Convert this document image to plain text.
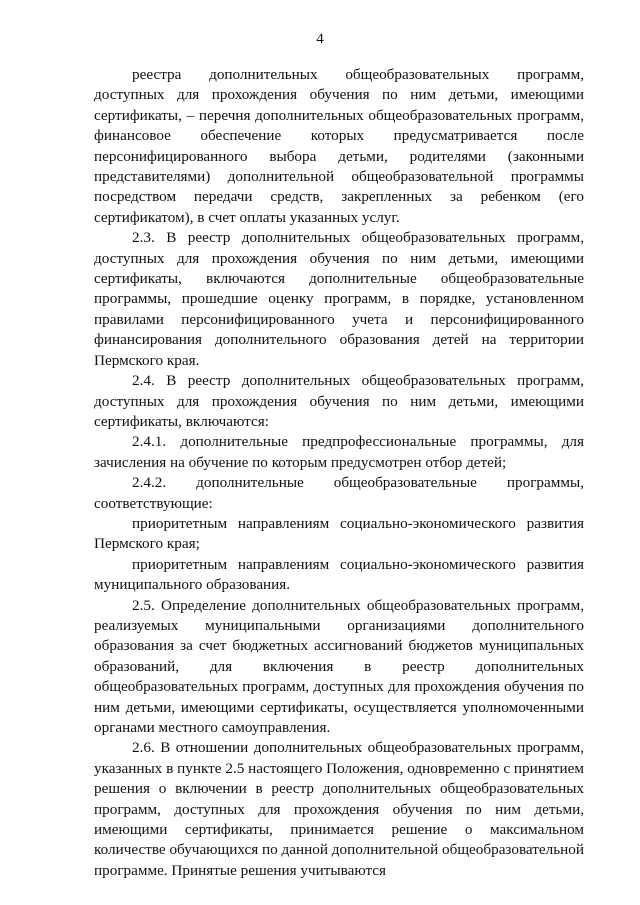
4

реестра дополнительных общеобразовательных программ, доступных для прохождения обучения по ним детьми, имеющими сертификаты, – перечня дополнительных общеобразовательных программ, финансовое обеспечение которых предусматривается после персонифицированного выбора детьми, родителями (законными представителями) дополнительной общеобразовательной программы посредством передачи средств, закрепленных за ребенком (его сертификатом), в счет оплаты указанных услуг.

2.3. В реестр дополнительных общеобразовательных программ, доступных для прохождения обучения по ним детьми, имеющими сертификаты, включаются дополнительные общеобразовательные программы, прошедшие оценку программ, в порядке, установленном правилами персонифицированного учета и персонифицированного финансирования дополнительного образования детей на территории Пермского края.

2.4. В реестр дополнительных общеобразовательных программ, доступных для прохождения обучения по ним детьми, имеющими сертификаты, включаются:

2.4.1. дополнительные предпрофессиональные программы, для зачисления на обучение по которым предусмотрен отбор детей;

2.4.2. дополнительные общеобразовательные программы, соответствующие:

приоритетным направлениям социально-экономического развития Пермского края;

приоритетным направлениям социально-экономического развития муниципального образования.

2.5. Определение дополнительных общеобразовательных программ, реализуемых муниципальными организациями дополнительного образования за счет бюджетных ассигнований бюджетов муниципальных образований, для включения в реестр дополнительных общеобразовательных программ, доступных для прохождения обучения по ним детьми, имеющими сертификаты, осуществляется уполномоченными органами местного самоуправления.

2.6. В отношении дополнительных общеобразовательных программ, указанных в пункте 2.5 настоящего Положения, одновременно с принятием решения о включении в реестр дополнительных общеобразовательных программ, доступных для прохождения обучения по ним детьми, имеющими сертификаты, принимается решение о максимальном количестве обучающихся по данной дополнительной общеобразовательной программе. Принятые решения учитываются
